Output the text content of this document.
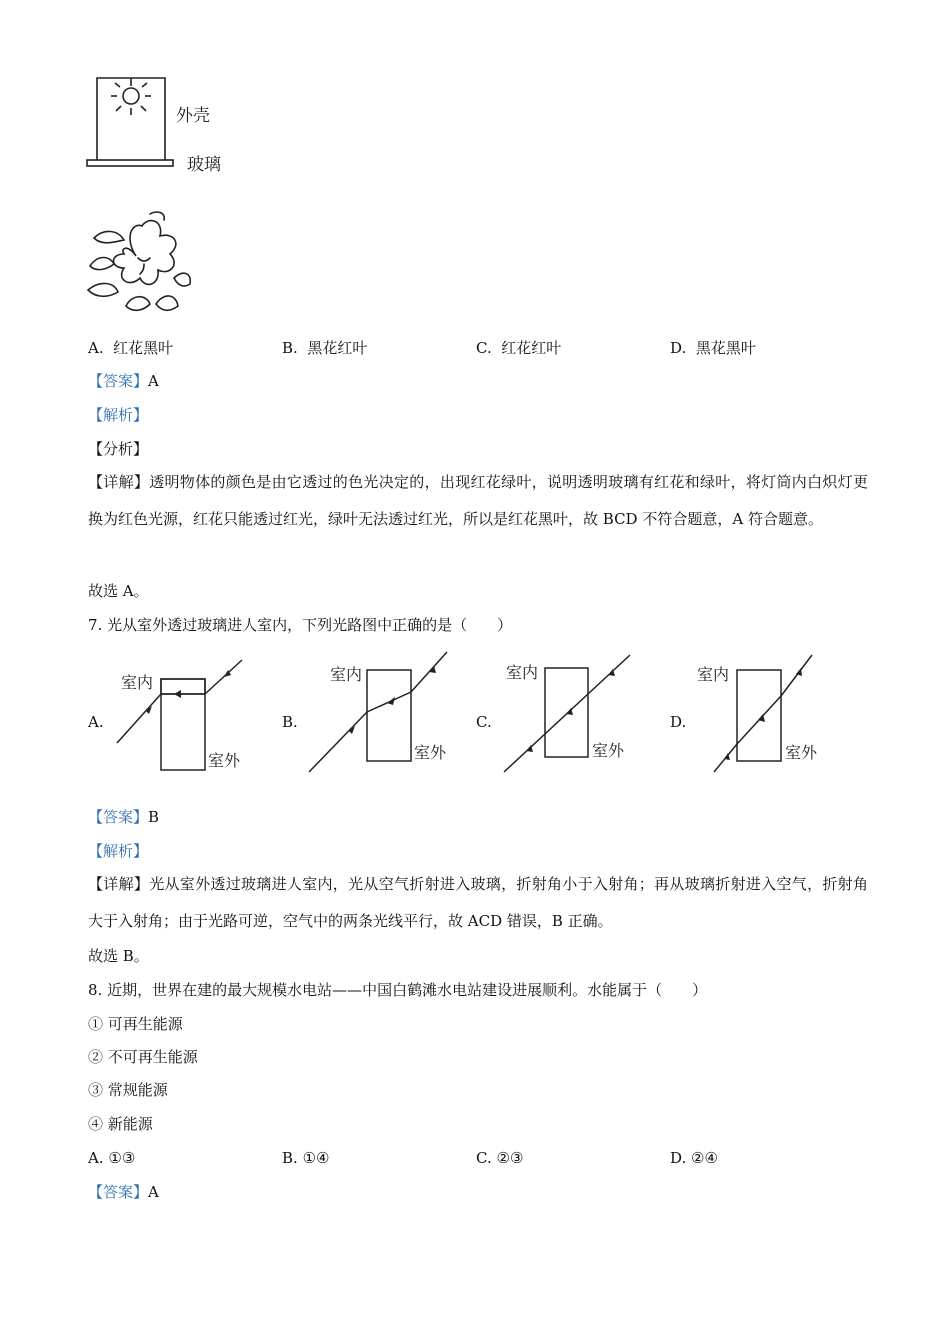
外壳
玻璃
A. 红花黑叶	B. 黑花红叶	C. 红花红叶	D. 黑花黑叶
【答案】A
【解析】
【分析】
【详解】透明物体的颜色是由它透过的色光决定的，出现红花绿叶，说明透明玻璃有红花和绿叶，将灯筒内白炽灯更换为红色光源，红花只能透过红光，绿叶无法透过红光，所以是红花黑叶，故 BCD 不符合题意，A 符合题意。
故选 A。
7. 光从室外透过玻璃进人室内，下列光路图中正确的是（　　）
A.
室内
室外
B.
室内
室外
C.
室内
室外
D.
室内
室外
【答案】B
【解析】
【详解】光从室外透过玻璃进人室内，光从空气折射进入玻璃，折射角小于入射角；再从玻璃折射进入空气，折射角大于入射角；由于光路可逆，空气中的两条光线平行，故 ACD 错误，B 正确。
故选 B。
8. 近期，世界在建的最大规模水电站——中国白鹤滩水电站建设进展顺利。水能属于（　　）
① 可再生能源
② 不可再生能源
③ 常规能源
④ 新能源
A. ①③	B. ①④	C. ②③	D. ②④
【答案】A
